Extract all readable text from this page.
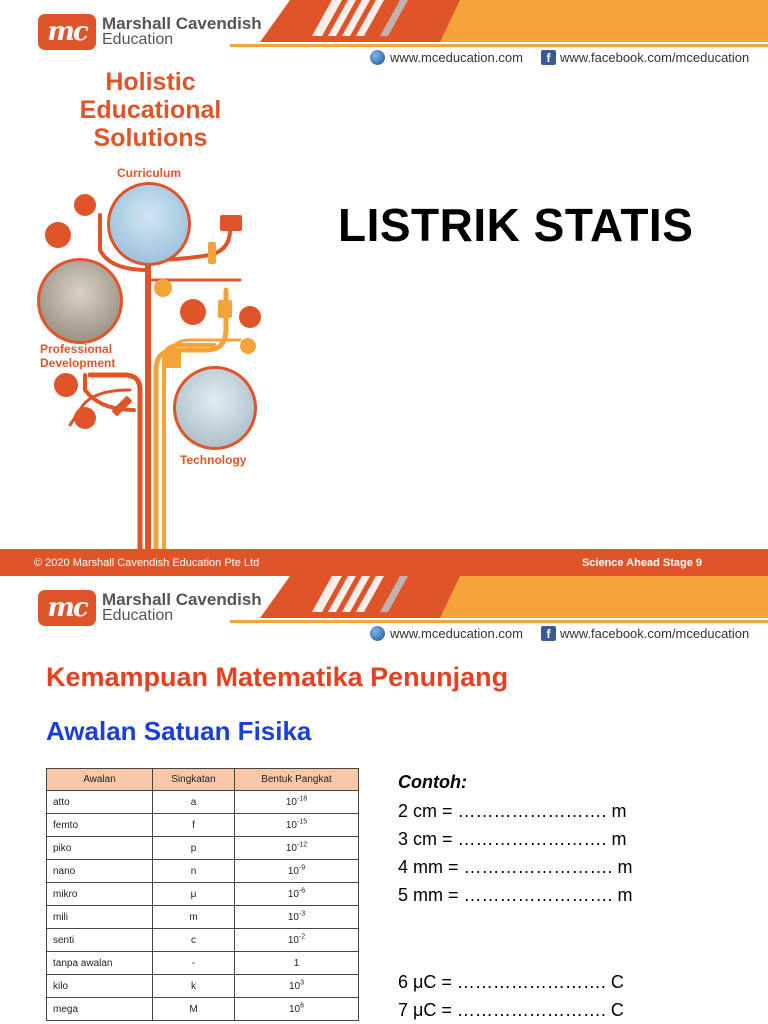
mc Marshall Cavendish
Education
www.mceducation.com	f www.facebook.com/mceducation
Holistic
Educational
Solutions
Curriculum
Professional
Development
Technology
LISTRIK STATIS
© 2020 Marshall Cavendish Education Pte Ltd	Science Ahead Stage 9
mc Marshall Cavendish
Education
www.mceducation.com	f www.facebook.com/mceducation
Kemampuan Matematika Penunjang
Awalan Satuan Fisika
Awalan	Singkatan	Bentuk Pangkat
atto	a	$10^{-18}$
femto	f	$10^{-15}$
piko	p	$10^{-12}$
nano	n	$10^{-9}$
mikro	μ	$10^{-6}$
mili	m	$10^{-3}$
senti	c	$10^{-2}$
tanpa awalan	-	1
kilo	k	$10^3$
mega	M	$10^6$
Contoh:
2 cm = ……………………. m
3 cm = ……………………. m
4 mm = ……………………. m
5 mm = ……………………. m
6 μC = ……………………. C
7 μC = ……………………. C
